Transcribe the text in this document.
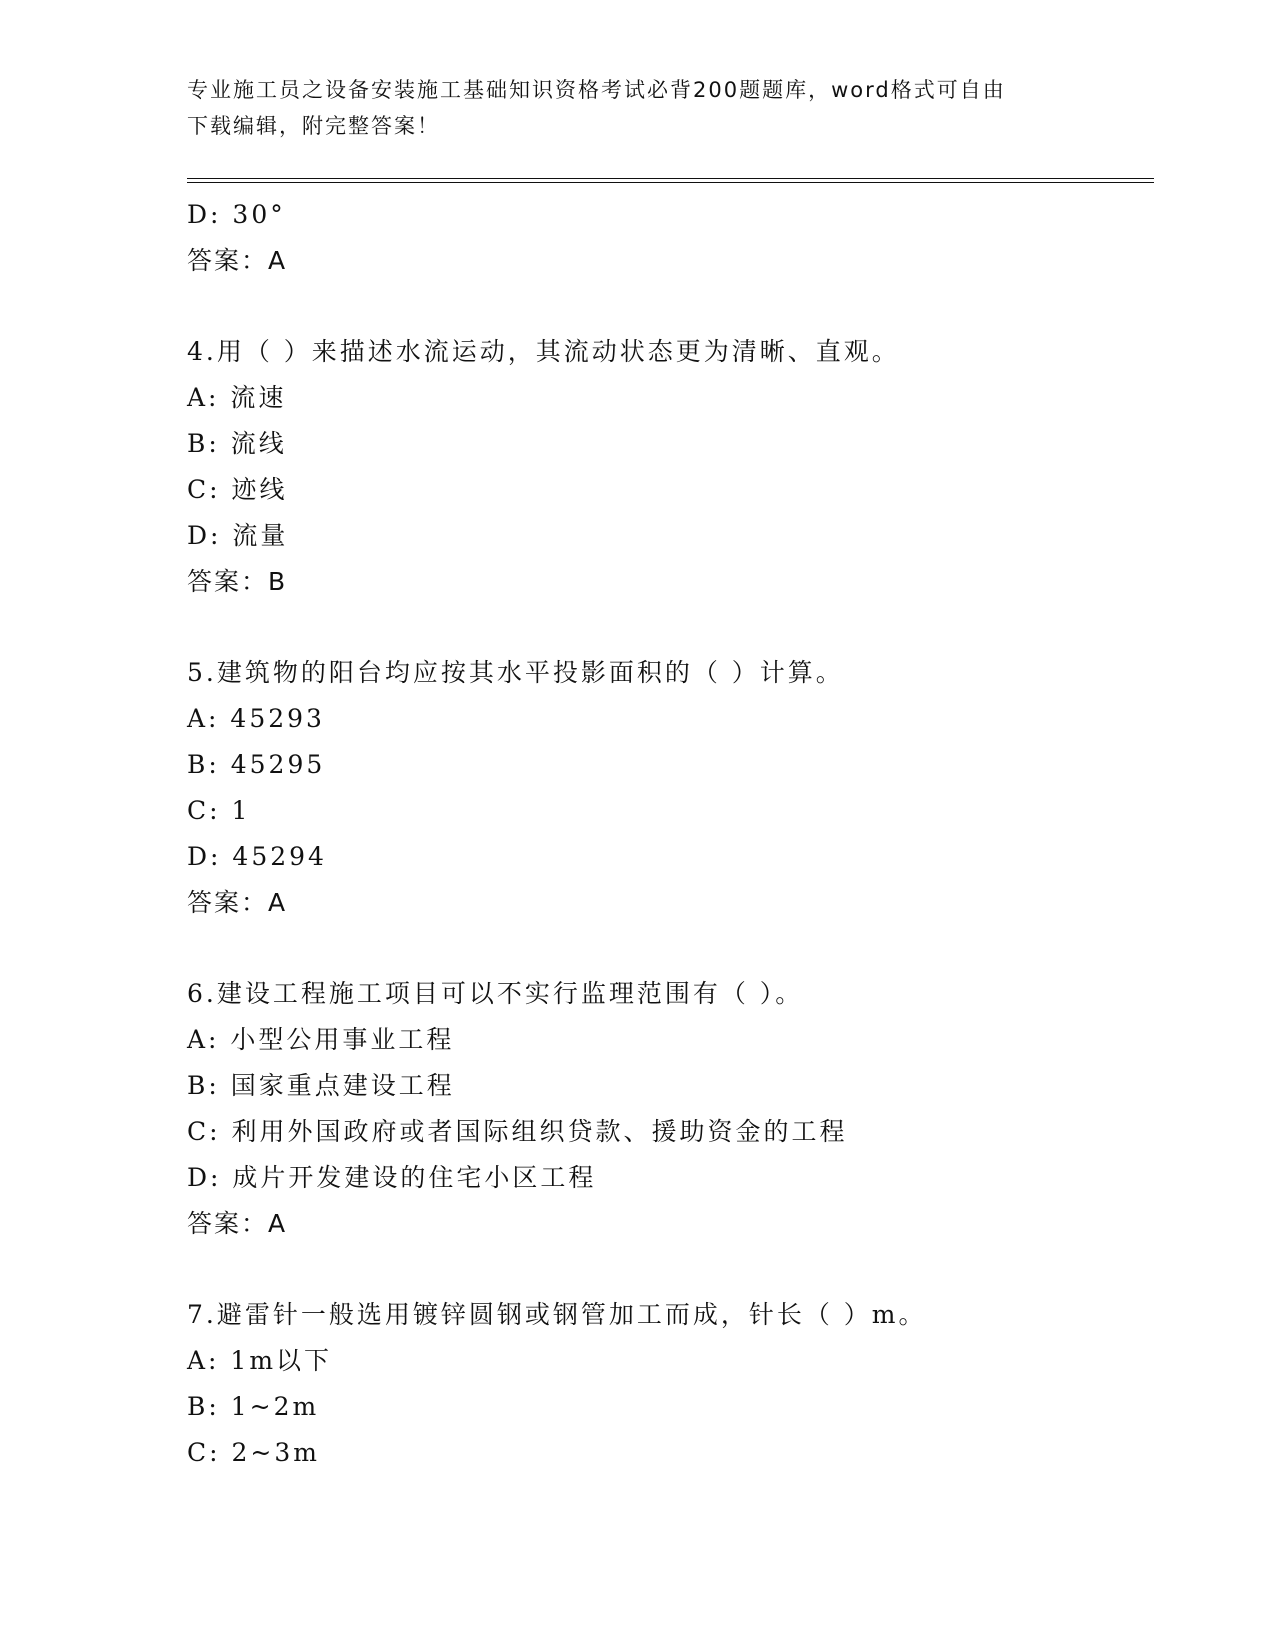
专业施工员之设备安装施工基础知识资格考试必背200题题库，word格式可自由
下载编辑，附完整答案！
D: 30°
答案：A
4.用（ ）来描述水流运动，其流动状态更为清晰、直观。
A: 流速
B: 流线
C: 迹线
D: 流量
答案：B
5.建筑物的阳台均应按其水平投影面积的（ ）计算。
A: 45293
B: 45295
C: 1
D: 45294
答案：A
6.建设工程施工项目可以不实行监理范围有（ ）。
A: 小型公用事业工程
B: 国家重点建设工程
C: 利用外国政府或者国际组织贷款、援助资金的工程
D: 成片开发建设的住宅小区工程
答案：A
7.避雷针一般选用镀锌圆钢或钢管加工而成，针长（ ）m。
A: 1m以下
B: 1~2m
C: 2~3m
